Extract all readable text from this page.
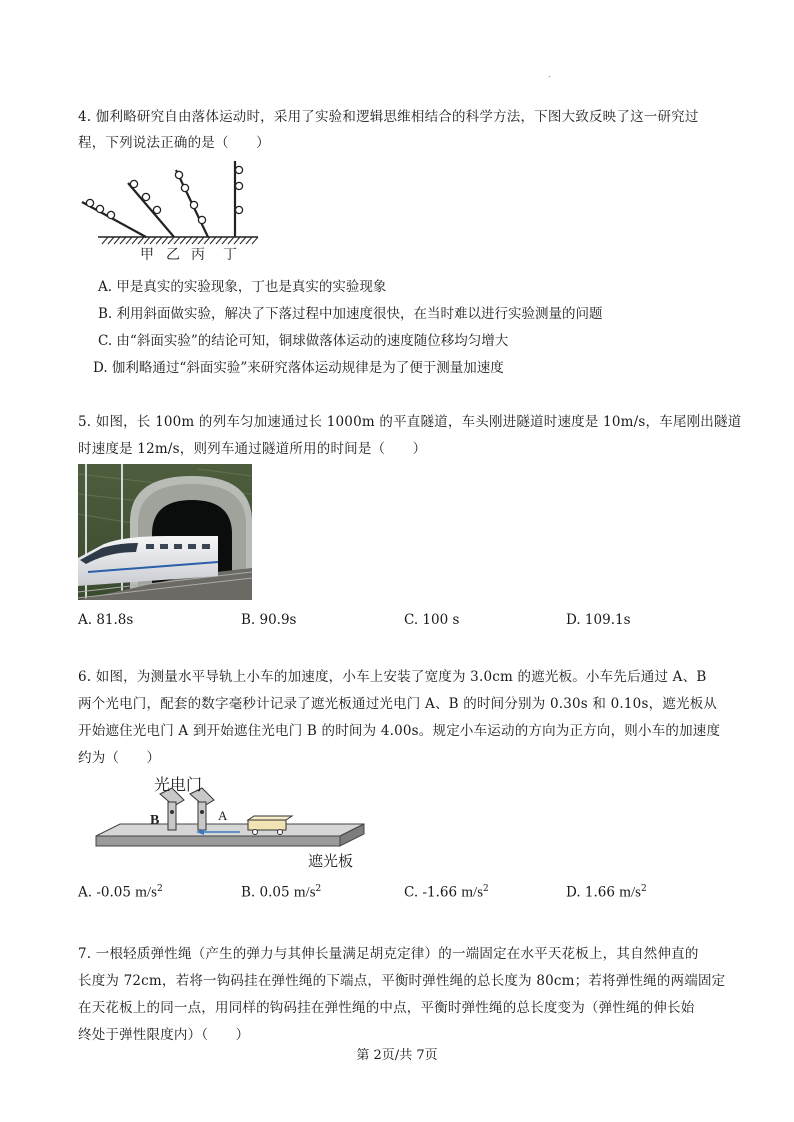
.
4. 伽利略研究自由落体运动时，采用了实验和逻辑思维相结合的科学方法，下图大致反映了这一研究过
程，下列说法正确的是（　　）
甲 乙 丙 丁
A. 甲是真实的实验现象，丁也是真实的实验现象
B. 利用斜面做实验，解决了下落过程中加速度很快，在当时难以进行实验测量的问题
C. 由“斜面实验”的结论可知，铜球做落体运动的速度随位移均匀增大
D. 伽利略通过“斜面实验”来研究落体运动规律是为了便于测量加速度
5. 如图，长 100m 的列车匀加速通过长 1000m 的平直隧道，车头刚进隧道时速度是 10m/s，车尾刚出隧道
时速度是 12m/s，则列车通过隧道所用的时间是（　　）
A. 81.8s	B. 90.9s	C. 100 s	D. 109.1s
6. 如图，为测量水平导轨上小车的加速度，小车上安装了宽度为 3.0cm 的遮光板。小车先后通过 A、B
两个光电门，配套的数字毫秒计记录了遮光板通过光电门 A、B 的时间分别为 0.30s 和 0.10s，遮光板从
开始遮住光电门 A 到开始遮住光电门 B 的时间为 4.00s。规定小车运动的方向为正方向，则小车的加速度
约为（　　）
光电门
B	A
遮光板
A. -0.05 $m/s^2$	B. 0.05 $m/s^2$	C. -1.66 $m/s^2$	D. 1.66 $m/s^2$
7. 一根轻质弹性绳（产生的弹力与其伸长量满足胡克定律）的一端固定在水平天花板上，其自然伸直的
长度为 72cm，若将一钩码挂在弹性绳的下端点，平衡时弹性绳的总长度为 80cm；若将弹性绳的两端固定
在天花板上的同一点，用同样的钩码挂在弹性绳的中点，平衡时弹性绳的总长度变为（弹性绳的伸长始
终处于弹性限度内）（　　）
第 2页/共 7页
